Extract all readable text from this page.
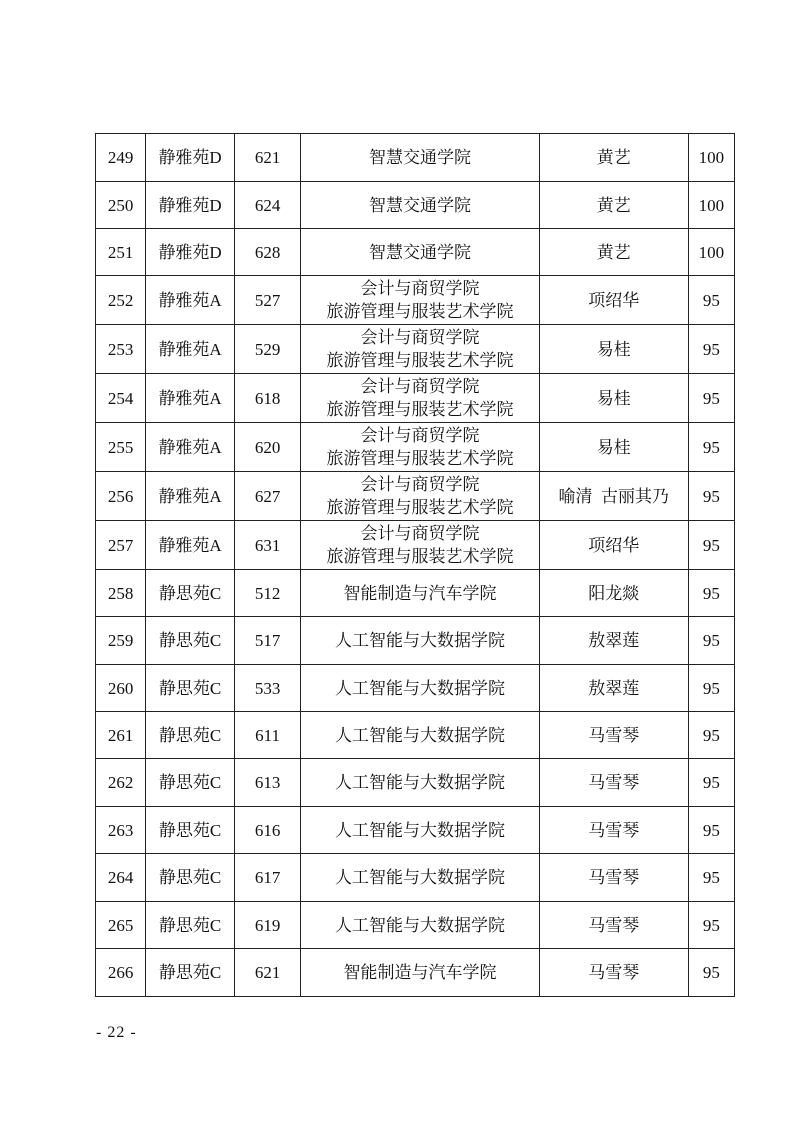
249	静雅苑D	621	智慧交通学院	黄艺	100
250	静雅苑D	624	智慧交通学院	黄艺	100
251	静雅苑D	628	智慧交通学院	黄艺	100
252	静雅苑A	527	会计与商贸学院
旅游管理与服装艺术学院	项绍华	95
253	静雅苑A	529	会计与商贸学院
旅游管理与服装艺术学院	易桂	95
254	静雅苑A	618	会计与商贸学院
旅游管理与服装艺术学院	易桂	95
255	静雅苑A	620	会计与商贸学院
旅游管理与服装艺术学院	易桂	95
256	静雅苑A	627	会计与商贸学院
旅游管理与服装艺术学院	喻清  古丽其乃	95
257	静雅苑A	631	会计与商贸学院
旅游管理与服装艺术学院	项绍华	95
258	静思苑C	512	智能制造与汽车学院	阳龙燚	95
259	静思苑C	517	人工智能与大数据学院	敖翠莲	95
260	静思苑C	533	人工智能与大数据学院	敖翠莲	95
261	静思苑C	611	人工智能与大数据学院	马雪琴	95
262	静思苑C	613	人工智能与大数据学院	马雪琴	95
263	静思苑C	616	人工智能与大数据学院	马雪琴	95
264	静思苑C	617	人工智能与大数据学院	马雪琴	95
265	静思苑C	619	人工智能与大数据学院	马雪琴	95
266	静思苑C	621	智能制造与汽车学院	马雪琴	95
- 22 -
